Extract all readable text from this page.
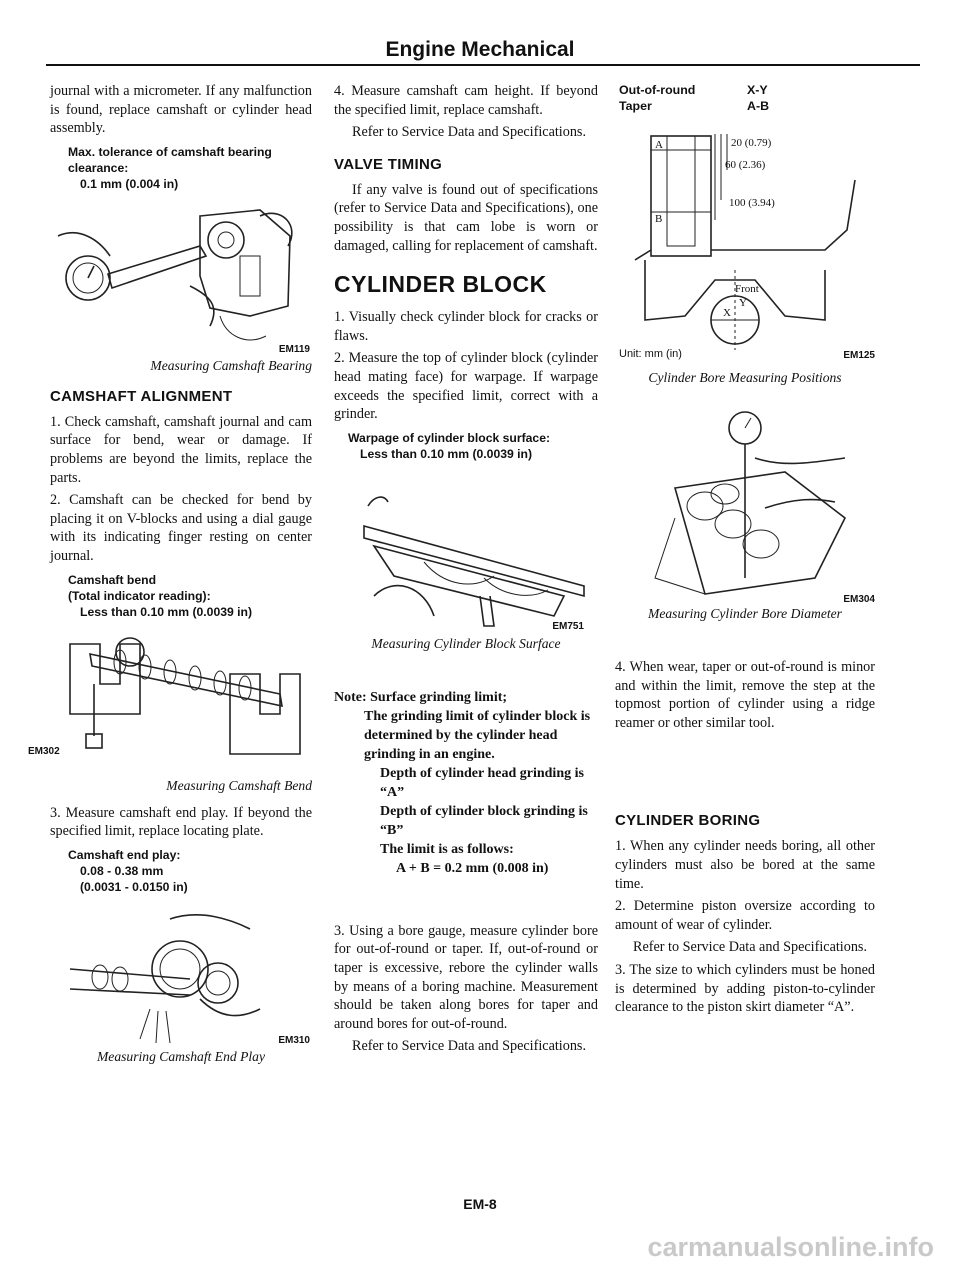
Engine Mechanical

journal with a micrometer. If any malfunction is found, replace camshaft or cylinder head assembly.

Max. tolerance of camshaft bearing clearance:
0.1 mm (0.004 in)
EM119
Measuring Camshaft Bearing
CAMSHAFT ALIGNMENT

1. Check camshaft, camshaft journal and cam surface for bend, wear or damage. If problems are beyond the limits, replace the parts.

2. Camshaft can be checked for bend by placing it on V-blocks and using a dial gauge with its indicating finger resting on center journal.

Camshaft bend
(Total indicator reading):
Less than 0.10 mm (0.0039 in)
EM302
Measuring Camshaft Bend

3. Measure camshaft end play. If beyond the specified limit, replace locating plate.

Camshaft end play:
0.08 - 0.38 mm
(0.0031 - 0.0150 in)
EM310
Measuring Camshaft End Play

4. Measure camshaft cam height. If beyond the specified limit, replace camshaft.

Refer to Service Data and Specifications.

VALVE TIMING

If any valve is found out of specifications (refer to Service Data and Specifications), one possibility is that cam lobe is worn or damaged, calling for replacement of camshaft.

CYLINDER BLOCK

1. Visually check cylinder block for cracks or flaws.

2. Measure the top of cylinder block (cylinder head mating face) for warpage. If warpage exceeds the specified limit, correct with a grinder.

Warpage of cylinder block surface:
Less than 0.10 mm (0.0039 in)
EM751
Measuring Cylinder Block Surface
Note: Surface grinding limit;
The grinding limit of cylinder block is determined by the cylinder head grinding in an engine.
Depth of cylinder head grinding is “A”
Depth of cylinder block grinding is “B”
The limit is as follows:
A + B = 0.2 mm (0.008 in)

3. Using a bore gauge, measure cylinder bore for out-of-round or taper. If, out-of-round or taper is excessive, rebore the cylinder walls by means of a boring machine. Measurement should be taken along bores for taper and around bores for out-of-round.

Refer to Service Data and Specifications.

Out-of-round	X-Y
Taper	A-B
A
B
20 (0.79)
60 (2.36)
100 (3.94)
Front
X
Y
Unit: mm (in)	EM125
Cylinder Bore Measuring Positions
EM304
Measuring Cylinder Bore Diameter

4. When wear, taper or out-of-round is minor and within the limit, remove the step at the topmost portion of cylinder using a ridge reamer or other similar tool.

CYLINDER BORING

1. When any cylinder needs boring, all other cylinders must also be bored at the same time.

2. Determine piston oversize according to amount of wear of cylinder.

Refer to Service Data and Specifications.

3. The size to which cylinders must be honed is determined by adding piston-to-cylinder clearance to the piston skirt diameter “A”.

EM-8
carmanualsonline.info
